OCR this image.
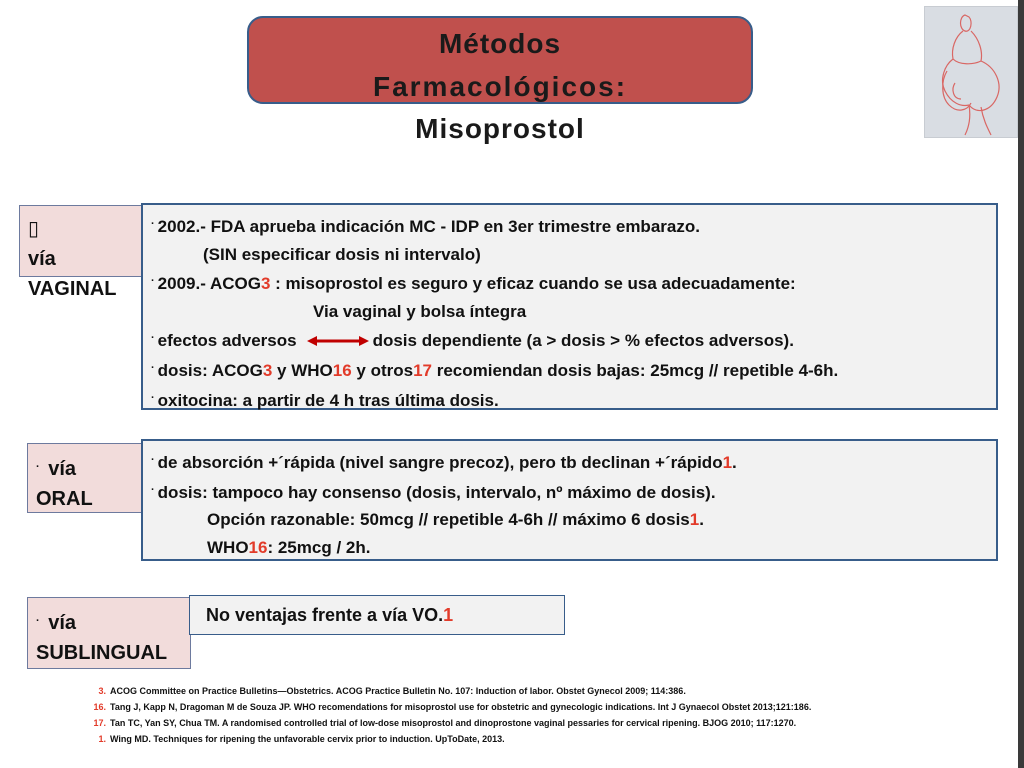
Métodos
Farmacológicos:
Misoprostol
▯
vía
VAGINAL
· 2002.- FDA aprueba indicación MC - IDP en 3er trimestre embarazo.
(SIN especificar dosis ni intervalo)
· 2009.- ACOG3 : misoprostol es seguro y eficaz cuando se usa adecuadamente:
Via vaginal y bolsa íntegra
· efectos adversos	dosis dependiente (a > dosis > % efectos adversos).
· dosis: ACOG3 y WHO16 y otros17 recomiendan dosis bajas: 25mcg // repetible 4-6h.
· oxitocina: a partir de 4 h tras última dosis.
· vía
ORAL
· de absorción +´rápida (nivel sangre precoz), pero tb declinan +´rápido1.
· dosis: tampoco hay consenso (dosis, intervalo, nº máximo de dosis).
Opción razonable: 50mcg // repetible 4-6h // máximo 6 dosis1.
WHO16: 25mcg / 2h.
· vía
SUBLINGUAL
No ventajas frente a vía VO.1
3. ACOG Committee on Practice Bulletins—Obstetrics. ACOG Practice Bulletin No. 107: Induction of labor. Obstet Gynecol 2009; 114:386.
16. Tang J, Kapp N, Dragoman M de Souza JP. WHO recomendations for misoprostol use for obstetric and gynecologic indications. Int J Gynaecol Obstet 2013;121:186.
17. Tan TC, Yan SY, Chua TM. A randomised controlled trial of low-dose misoprostol and dinoprostone vaginal pessaries for cervical ripening. BJOG 2010; 117:1270.
1. Wing MD. Techniques for ripening the unfavorable cervix prior to induction. UpToDate, 2013.
